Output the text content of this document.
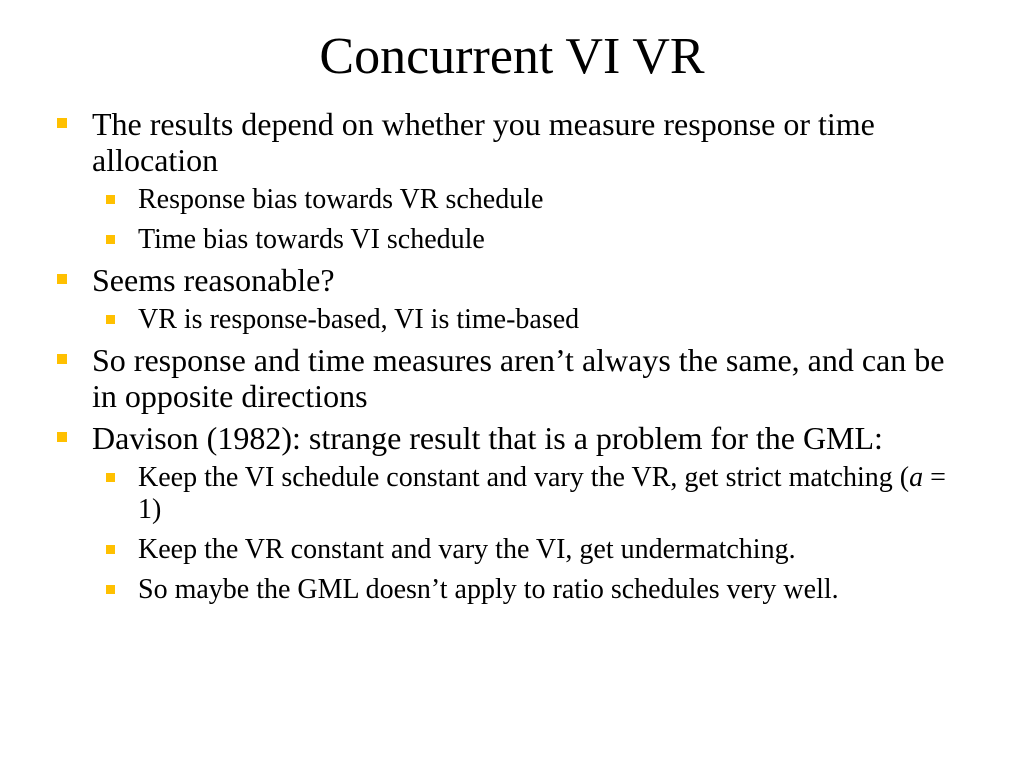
Concurrent VI VR
The results depend on whether you measure response or time allocation
Response bias towards VR schedule
Time bias towards VI schedule
Seems reasonable?
VR is response-based, VI is time-based
So response and time measures aren’t always the same, and can be in opposite directions
Davison (1982): strange result that is a problem for the GML:
Keep the VI schedule constant and vary the VR, get strict matching (a = 1)
Keep the VR constant and vary the VI, get undermatching.
So maybe the GML doesn’t apply to ratio schedules very well.
